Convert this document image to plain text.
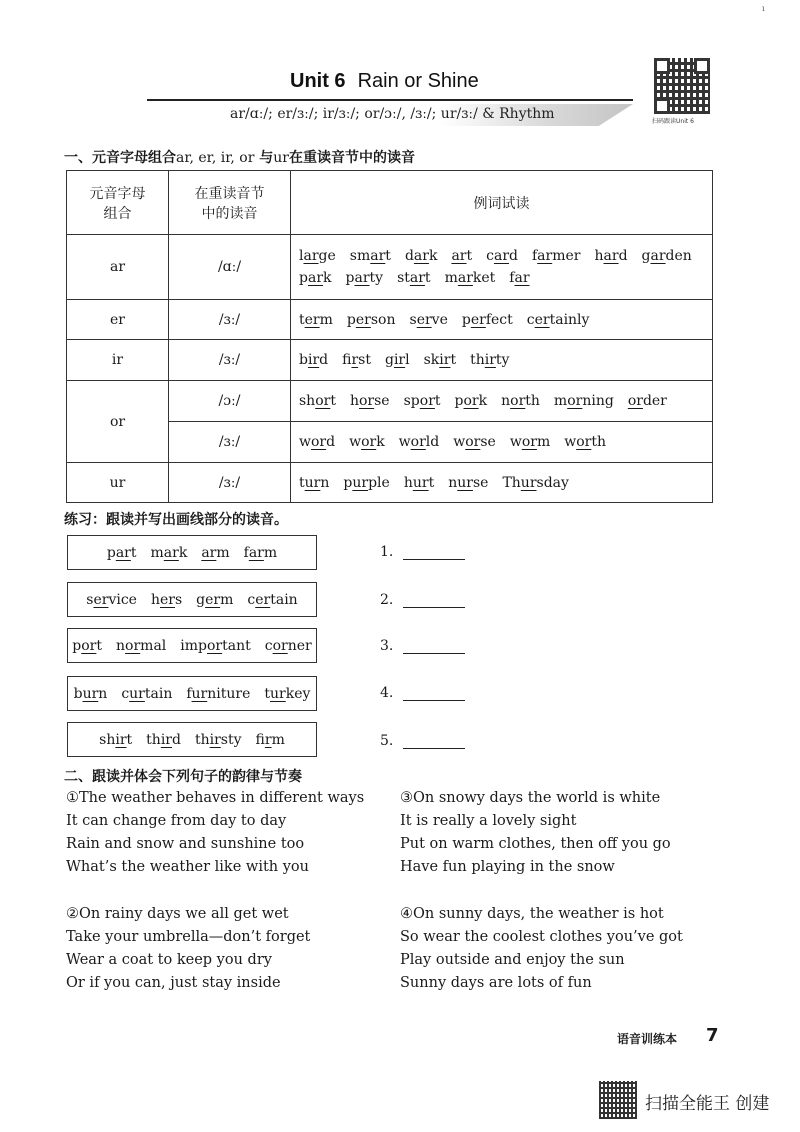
ı
Unit 6 Rain or Shine
ar/ɑː/; er/ɜː/; ir/ɜː/; or/ɔː/, /ɜː/; ur/ɜː/ & Rhythm	扫码跟读Unit 6
一、元音字母组合ar, er, ir, or 与ur在重读音节中的读音
元音字母
组合	在重读音节
中的读音	例词试读
ar	/ɑː/	large smart dark art card farmer hard gardenpark party start market far
er	/ɜː/	term person serve perfect certainly
ir	/ɜː/	bird first girl skirt thirty
or	/ɔː/	short horse sport pork north morning order
	/ɜː/	word work world worse worm worth
ur	/ɜː/	turn purple hurt nurse Thursday
练习：跟读并写出画线部分的读音。
part mark arm farm
service hers germ certain
port normal important corner
burn curtain furniture turkey
shirt third thirsty firm
1.
2.
3.
4.
5.
二、跟读并体会下列句子的韵律与节奏
①The weather behaves in different ways
It can change from day to day
Rain and snow and sunshine too
What’s the weather like with you
③On snowy days the world is white
It is really a lovely sight
Put on warm clothes, then off you go
Have fun playing in the snow
②On rainy days we all get wet
Take your umbrella—don’t forget
Wear a coat to keep you dry
Or if you can, just stay inside
④On sunny days, the weather is hot
So wear the coolest clothes you’ve got
Play outside and enjoy the sun
Sunny days are lots of fun
语音训练本 7
扫描全能王 创建
